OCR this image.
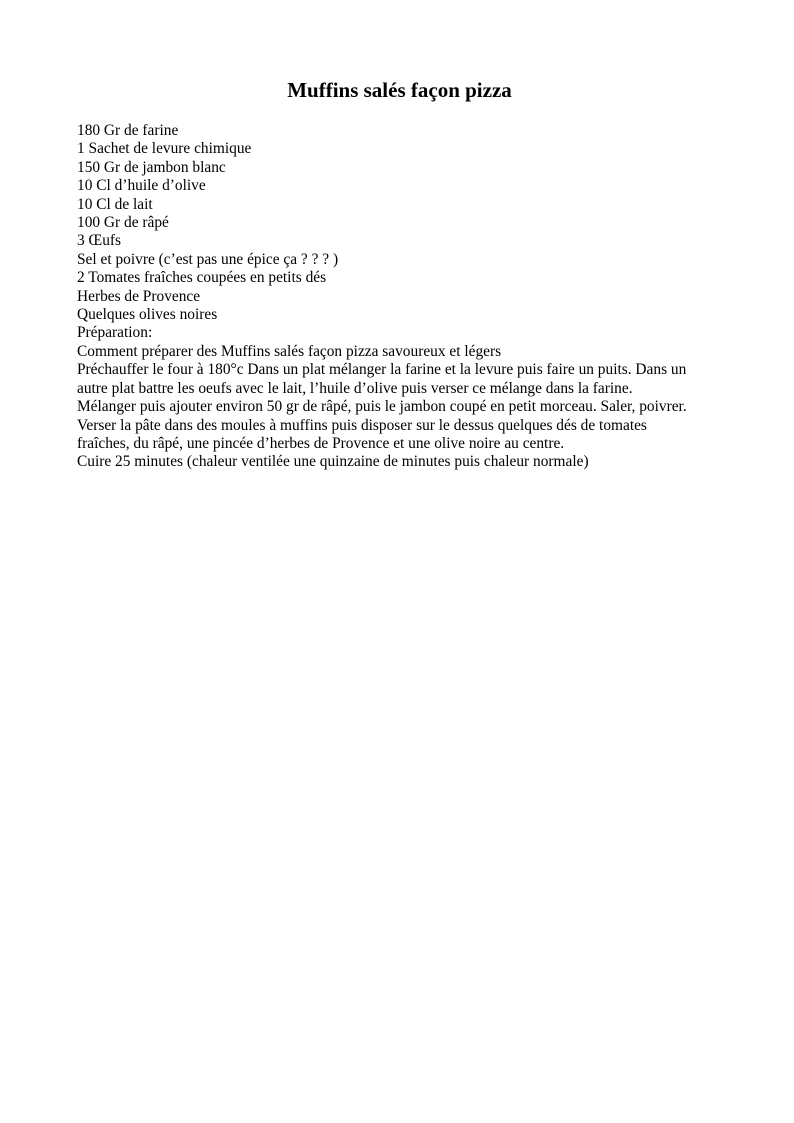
Muffins salés façon pizza
180 Gr de farine
1 Sachet de levure chimique
150 Gr de jambon blanc
10 Cl d’huile d’olive
10 Cl de lait
100 Gr de râpé
3 Œufs
Sel et poivre (c’est pas une épice ça ? ? ? )
2 Tomates fraîches coupées en petits dés
Herbes de Provence
Quelques olives noires
Préparation:
Comment préparer des Muffins salés façon pizza savoureux et légers
Préchauffer le four à 180°c Dans un plat mélanger la farine et la levure puis faire un puits. Dans un
autre plat battre les oeufs avec le lait, l’huile d’olive puis verser ce mélange dans la farine.
Mélanger puis ajouter environ 50 gr de râpé, puis le jambon coupé en petit morceau. Saler, poivrer.
Verser la pâte dans des moules à muffins puis disposer sur le dessus quelques dés de tomates
fraîches, du râpé, une pincée d’herbes de Provence et une olive noire au centre.
Cuire 25 minutes (chaleur ventilée une quinzaine de minutes puis chaleur normale)
